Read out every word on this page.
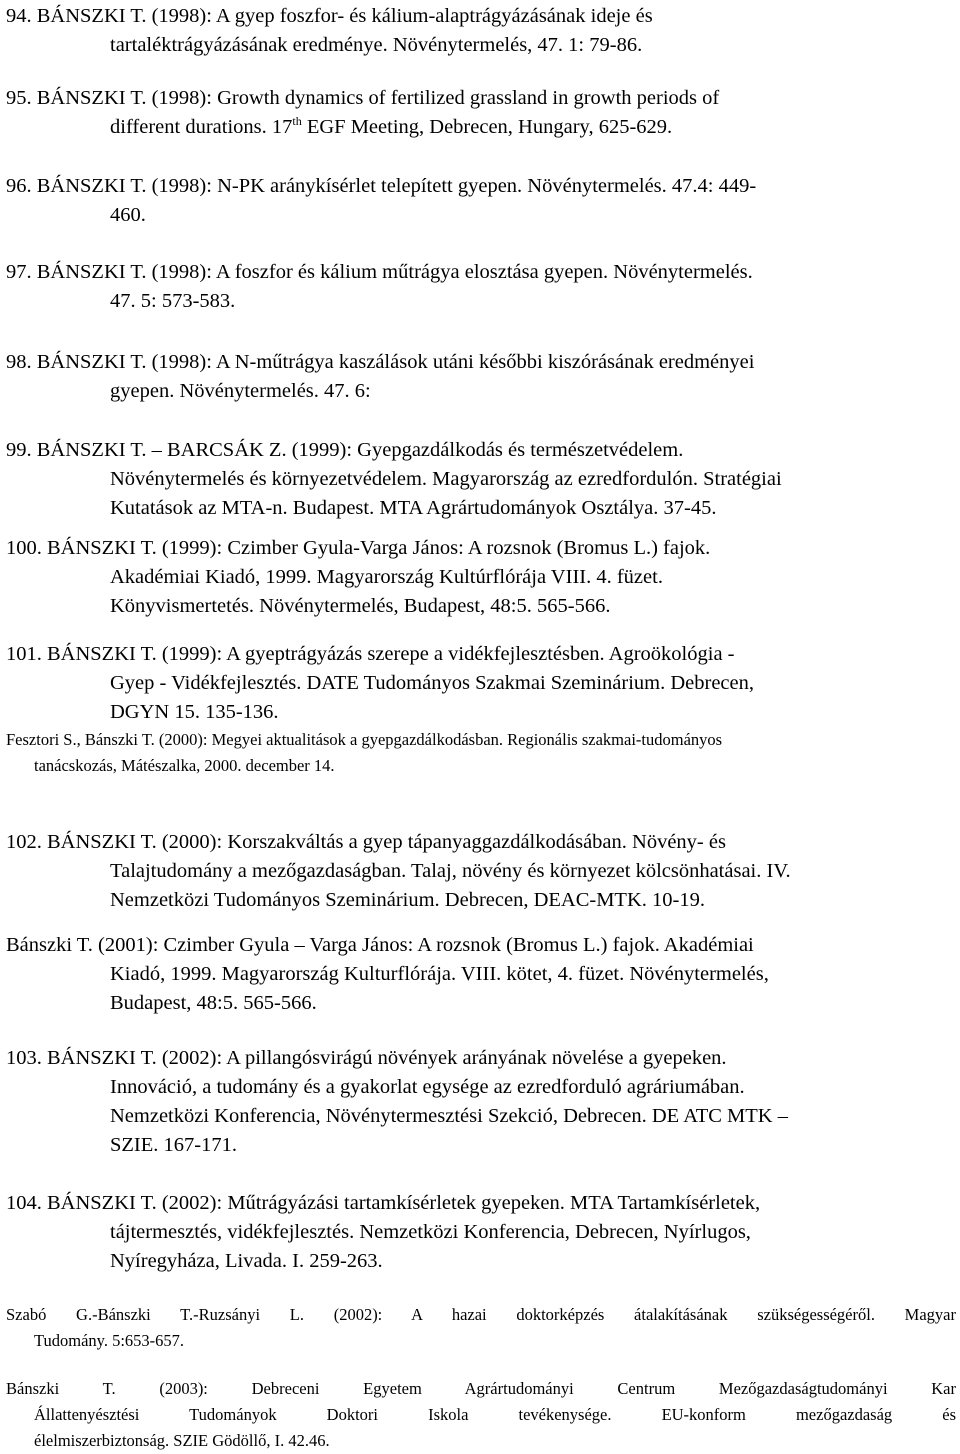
94. BÁNSZKI T. (1998): A gyep foszfor- és kálium-alaptrágyázásának ideje és
tartaléktrágyázásának eredménye. Növénytermelés, 47. 1: 79-86.
95. BÁNSZKI T. (1998): Growth dynamics of fertilized grassland in growth periods of
different durations. 17th EGF Meeting, Debrecen, Hungary, 625-629.
96. BÁNSZKI T. (1998): N-PK aránykísérlet telepített gyepen. Növénytermelés. 47.4: 449-
460.
97. BÁNSZKI T. (1998): A foszfor és kálium műtrágya elosztása gyepen. Növénytermelés.
47. 5: 573-583.
98. BÁNSZKI T. (1998): A N-műtrágya kaszálások utáni későbbi kiszórásának eredményei
gyepen. Növénytermelés. 47. 6:
99. BÁNSZKI T. – BARCSÁK Z. (1999): Gyepgazdálkodás és természetvédelem.
Növénytermelés és környezetvédelem. Magyarország az ezredfordulón. Stratégiai
Kutatások az MTA-n. Budapest. MTA Agrártudományok Osztálya. 37-45.
100. BÁNSZKI T. (1999): Czimber Gyula-Varga János: A rozsnok (Bromus L.) fajok.
Akadémiai Kiadó, 1999. Magyarország Kultúrflórája VIII. 4. füzet.
Könyvismertetés. Növénytermelés, Budapest, 48:5. 565-566.
101. BÁNSZKI T. (1999): A gyeptrágyázás szerepe a vidékfejlesztésben. Agroökológia -
Gyep - Vidékfejlesztés. DATE Tudományos Szakmai Szeminárium. Debrecen,
DGYN 15. 135-136.
Fesztori S., Bánszki T. (2000): Megyei aktualitások a gyepgazdálkodásban. Regionális szakmai-tudományos
tanácskozás, Mátészalka, 2000. december 14.
102. BÁNSZKI T. (2000): Korszakváltás a gyep tápanyaggazdálkodásában. Növény- és
Talajtudomány a mezőgazdaságban. Talaj, növény és környezet kölcsönhatásai. IV.
Nemzetközi Tudományos Szeminárium. Debrecen, DEAC-MTK. 10-19.
Bánszki T. (2001): Czimber Gyula – Varga János: A rozsnok (Bromus L.) fajok. Akadémiai
Kiadó, 1999. Magyarország Kulturflórája. VIII. kötet, 4. füzet. Növénytermelés,
Budapest, 48:5. 565-566.
103. BÁNSZKI T. (2002): A pillangósvirágú növények arányának növelése a gyepeken.
Innováció, a tudomány és a gyakorlat egysége az ezredforduló agráriumában.
Nemzetközi Konferencia, Növénytermesztési Szekció, Debrecen. DE ATC MTK –
SZIE. 167-171.
104. BÁNSZKI T. (2002): Műtrágyázási tartamkísérletek gyepeken. MTA Tartamkísérletek,
tájtermesztés, vidékfejlesztés. Nemzetközi Konferencia, Debrecen, Nyírlugos,
Nyíregyháza, Livada. I. 259-263.
Szabó G.-Bánszki T.-Ruzsányi L. (2002): A hazai doktorképzés átalakításának szükségességéről. Magyar
Tudomány. 5:653-657.
Bánszki T. (2003): Debreceni Egyetem Agrártudományi Centrum Mezőgazdaságtudományi Kar
Állattenyésztési Tudományok Doktori Iskola tevékenysége. EU-konform mezőgazdaság és
élelmiszerbiztonság. SZIE Gödöllő, I. 42.46.
